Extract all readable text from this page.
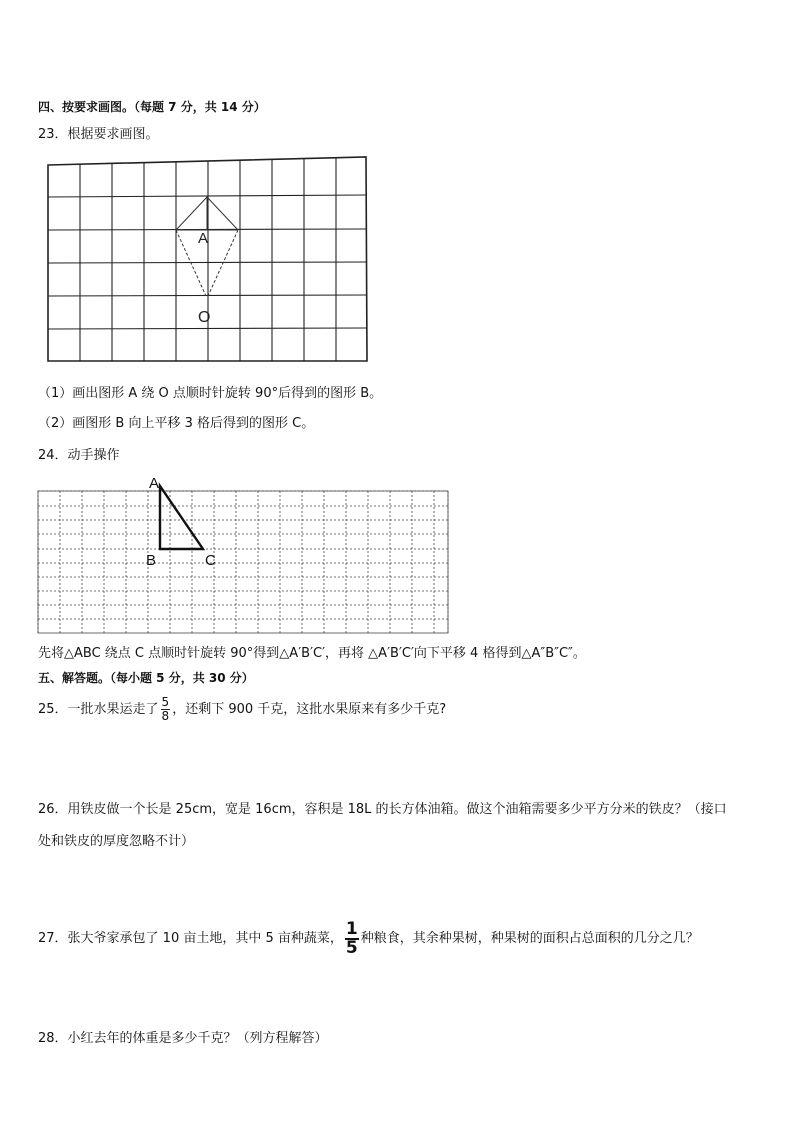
四、按要求画图。（每题 7 分，共 14 分）
23．根据要求画图。
A
O
（1）画出图形 A 绕 O 点顺时针旋转 90°后得到的图形 B。
（2）画图形 B 向上平移 3 格后得到的图形 C。
24．动手操作
A
B	C
先将△ABC 绕点 C 点顺时针旋转 90°得到△A′B′C′，再将 △A′B′C′向下平移 4 格得到△A″B″C″。
五、解答题。（每小题 5 分，共 30 分）
25．一批水果运走了 $\frac{5}{8}$ ，还剩下 900 千克，这批水果原来有多少千克?
26．用铁皮做一个长是 25cm，宽是 16cm，容积是 18L 的长方体油箱。做这个油箱需要多少平方分米的铁皮？（接口
处和铁皮的厚度忽略不计）
27．张大爷家承包了 10 亩土地，其中 5 亩种蔬菜， $\frac{1}{5}$ 种粮食，其余种果树，种果树的面积占总面积的几分之几？
28．小红去年的体重是多少千克？（列方程解答）
